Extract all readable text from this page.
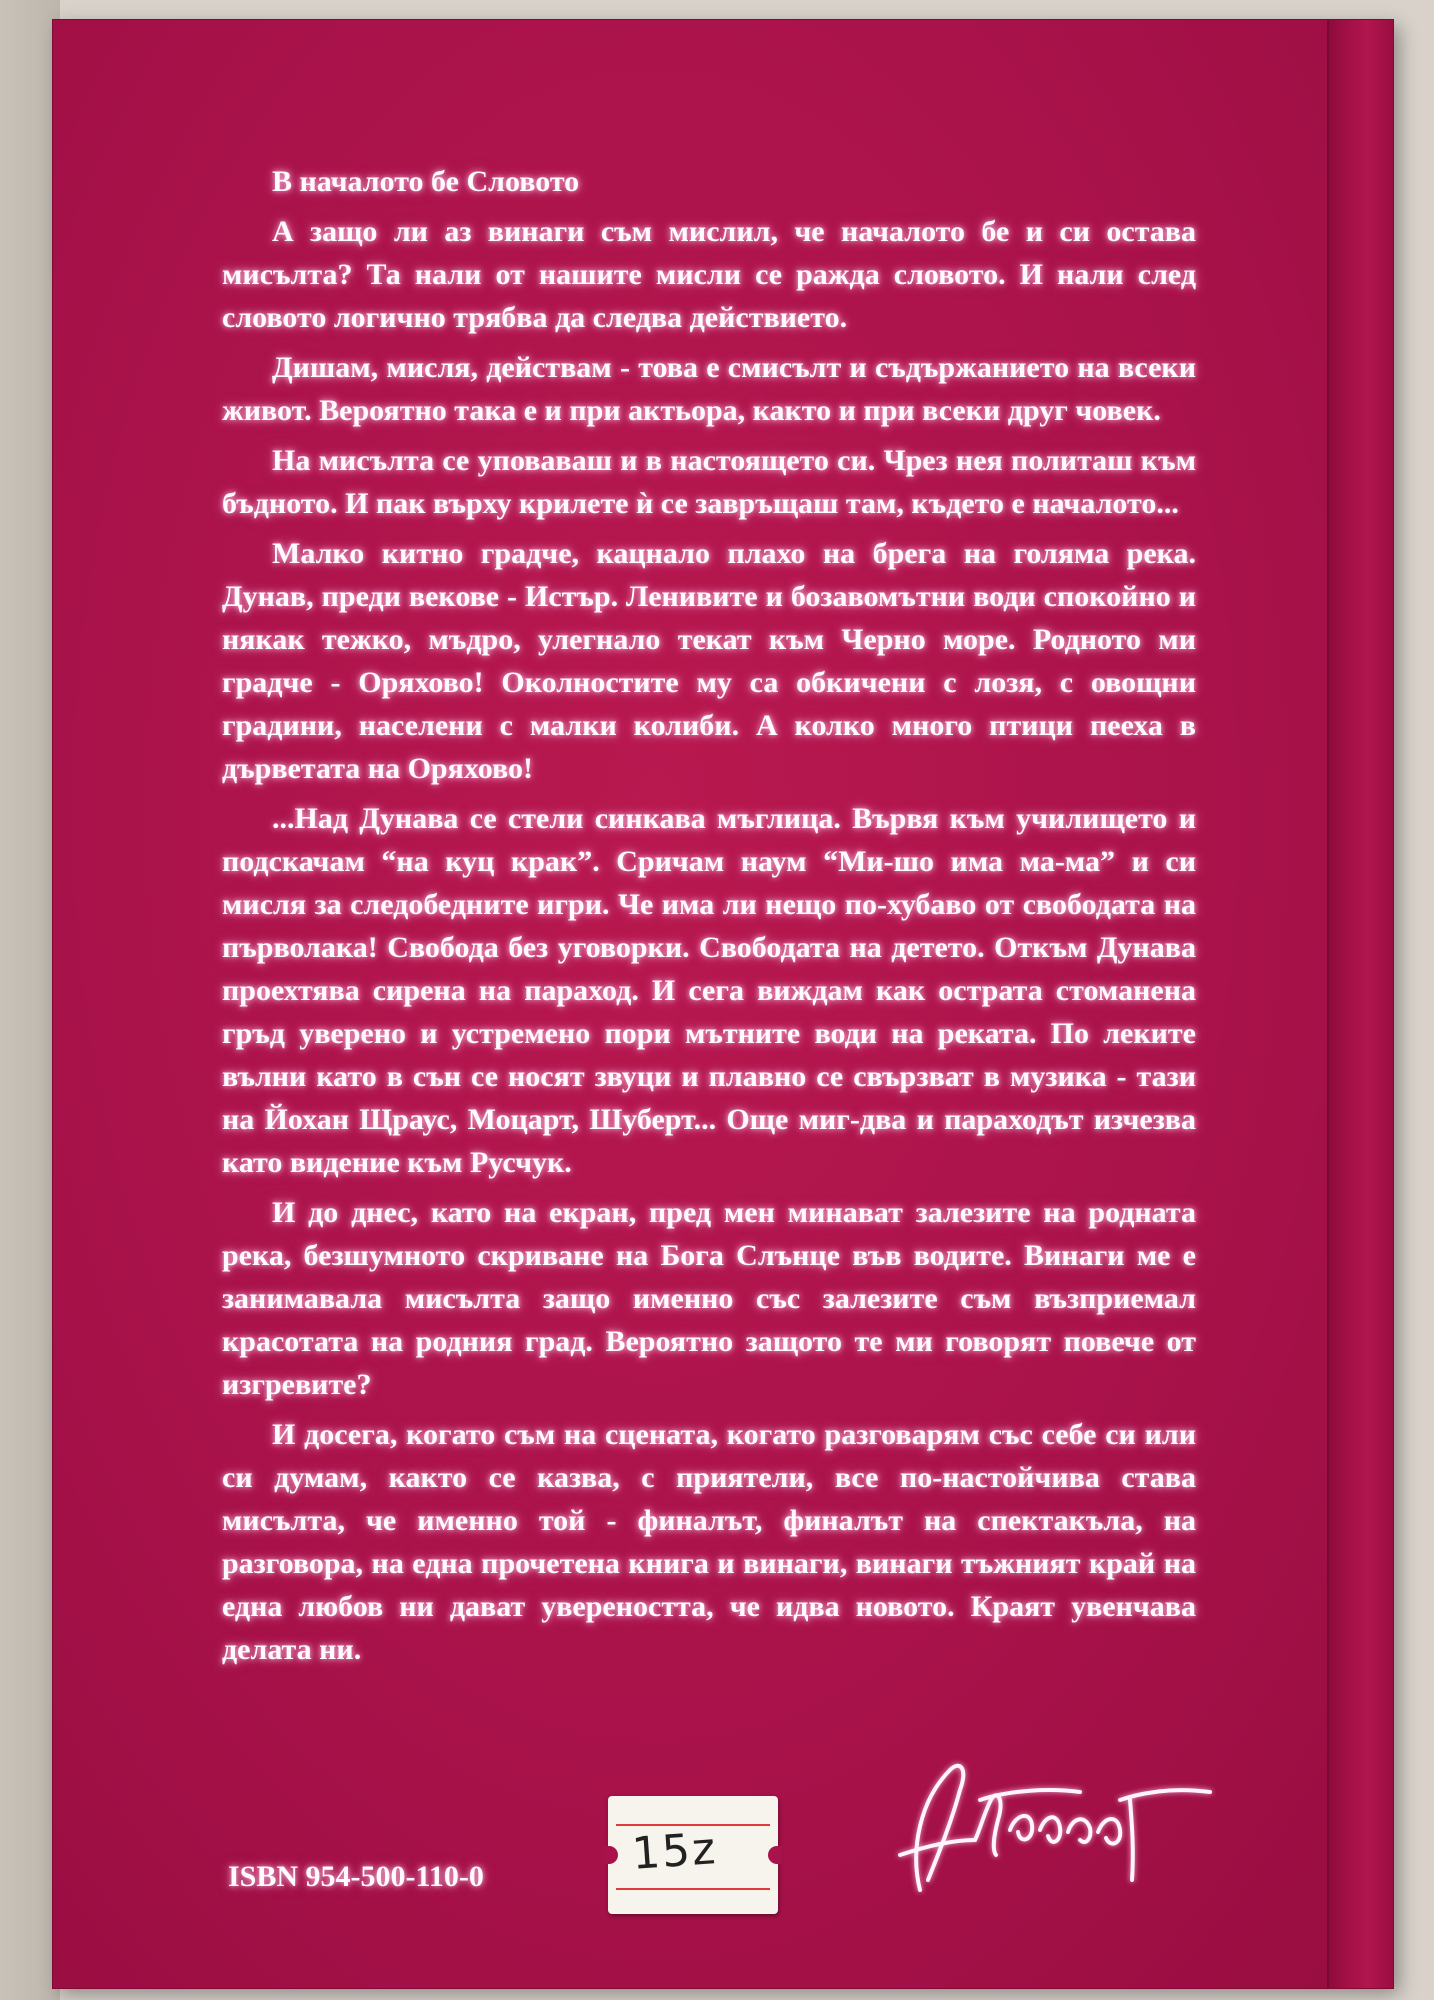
В началото бе Словото

А защо ли аз винаги съм мислил, че началото бе и си остава мисълта? Та нали от нашите мисли се ражда словото. И нали след словото логично трябва да следва действието.

Дишам, мисля, действам - това е смисълт и съдържанието на всеки живот. Вероятно така е и при актьора, както и при всеки друг човек.

На мисълта се уповаваш и в настоящето си. Чрез нея политаш към бъдното. И пак върху крилете ѝ се завръщаш там, където е началото...

Малко китно градче, кацнало плахо на брега на голяма река. Дунав, преди векове - Истър. Ленивите и бозавомътни води спокойно и някак тежко, мъдро, улегнало текат към Черно море. Родното ми градче - Оряхово! Околностите му са обкичени с лозя, с овощни градини, населени с малки колиби. А колко много птици пееха в дърветата на Оряхово!

...Над Дунава се стели синкава мъглица. Вървя към училището и подскачам “на куц крак”. Сричам наум “Ми-шо има ма-ма” и си мисля за следобедните игри. Че има ли нещо по-хубаво от свободата на първолака! Свобода без уговорки. Свободата на детето. Откъм Дунава проехтява сирена на параход. И сега виждам как острата стоманена гръд уверено и устремено пори мътните води на реката. По леките вълни като в сън се носят звуци и плавно се свързват в музика - тази на Йохан Щраус, Моцарт, Шуберт... Още миг-два и параходът изчезва като видение към Русчук.

И до днес, като на екран, пред мен минават залезите на родната река, безшумното скриване на Бога Слънце във водите. Винаги ме е занимавала мисълта защо именно със залезите съм възприемал красотата на родния град. Вероятно защото те ми говорят повече от изгревите?

И досега, когато съм на сцената, когато разговарям със себе си или си думам, както се казва, с приятели, все по-настойчива става мисълта, че именно той - финалът, финалът на спектакъла, на разговора, на една прочетена книга и винаги, винаги тъжният край на една любов ни дават увереността, че идва новото. Краят увенчава делата ни.

ISBN 954-500-110-0	15z
